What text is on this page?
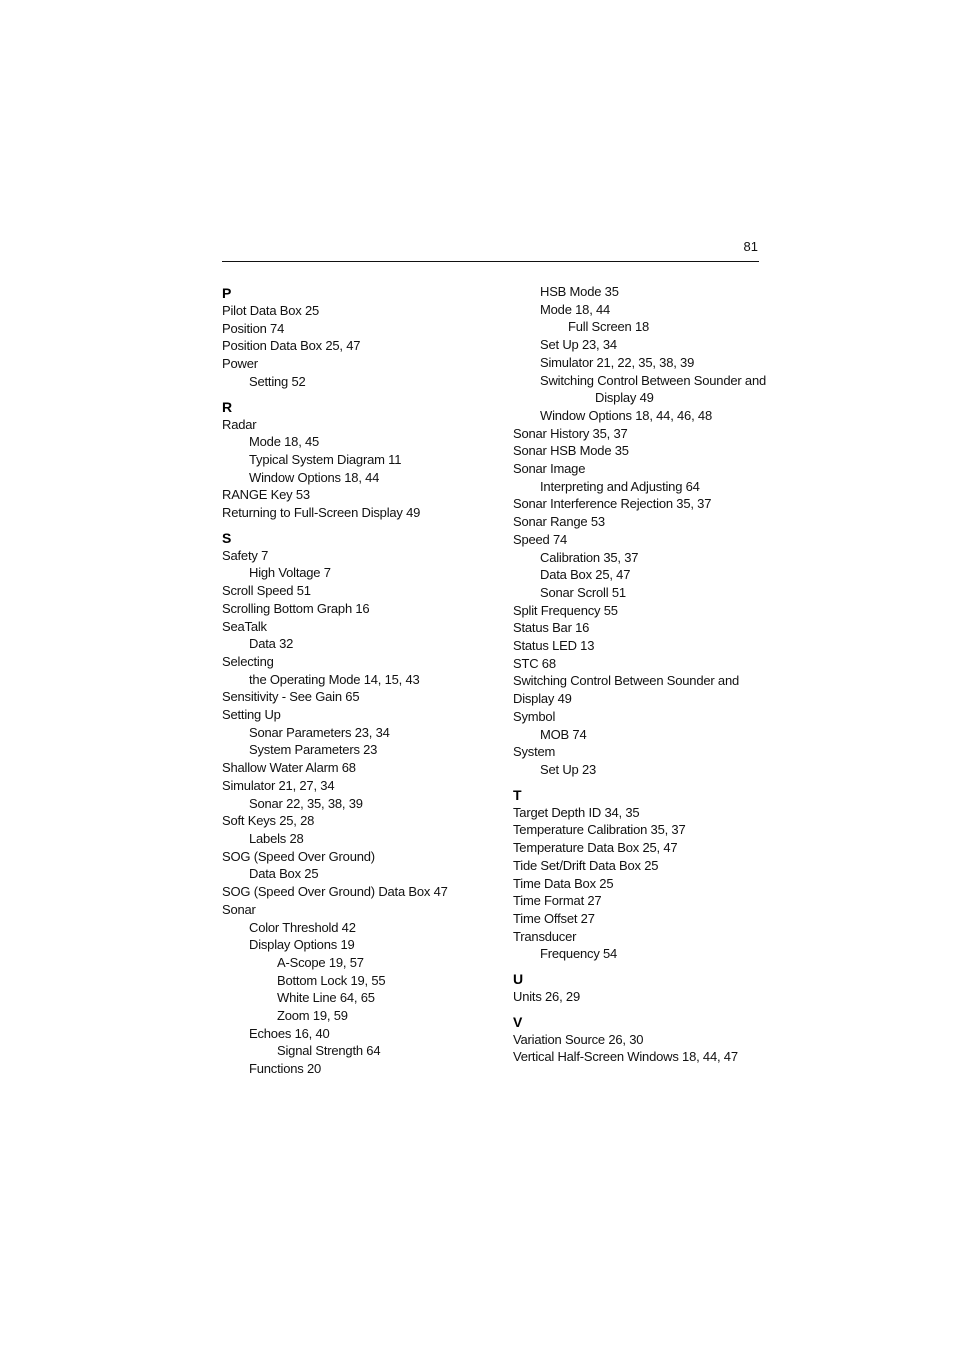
81
P
Pilot Data Box 25
Position 74
Position Data Box 25, 47
Power
Setting 52
R
Radar
Mode 18, 45
Typical System Diagram 11
Window Options 18, 44
RANGE Key 53
Returning to Full-Screen Display 49
S
Safety 7
High Voltage 7
Scroll Speed 51
Scrolling Bottom Graph 16
SeaTalk
Data 32
Selecting
the Operating Mode 14, 15, 43
Sensitivity - See Gain 65
Setting Up
Sonar Parameters 23, 34
System Parameters 23
Shallow Water Alarm 68
Simulator 21, 27, 34
Sonar 22, 35, 38, 39
Soft Keys 25, 28
Labels 28
SOG (Speed Over Ground)
Data Box 25
SOG (Speed Over Ground) Data Box 47
Sonar
Color Threshold 42
Display Options 19
A-Scope 19, 57
Bottom Lock 19, 55
White Line 64, 65
Zoom 19, 59
Echoes 16, 40
Signal Strength 64
Functions 20
HSB Mode 35
Mode 18, 44
Full Screen 18
Set Up 23, 34
Simulator 21, 22, 35, 38, 39
Switching Control Between Sounder and
Display 49
Window Options 18, 44, 46, 48
Sonar History 35, 37
Sonar HSB Mode 35
Sonar Image
Interpreting and Adjusting 64
Sonar Interference Rejection 35, 37
Sonar Range 53
Speed 74
Calibration 35, 37
Data Box 25, 47
Sonar Scroll 51
Split Frequency 55
Status Bar 16
Status LED 13
STC 68
Switching Control Between Sounder and
Display 49
Symbol
MOB 74
System
Set Up 23
T
Target Depth ID 34, 35
Temperature Calibration 35, 37
Temperature Data Box 25, 47
Tide Set/Drift Data Box 25
Time Data Box 25
Time Format 27
Time Offset 27
Transducer
Frequency 54
U
Units 26, 29
V
Variation Source 26, 30
Vertical Half-Screen Windows 18, 44, 47
